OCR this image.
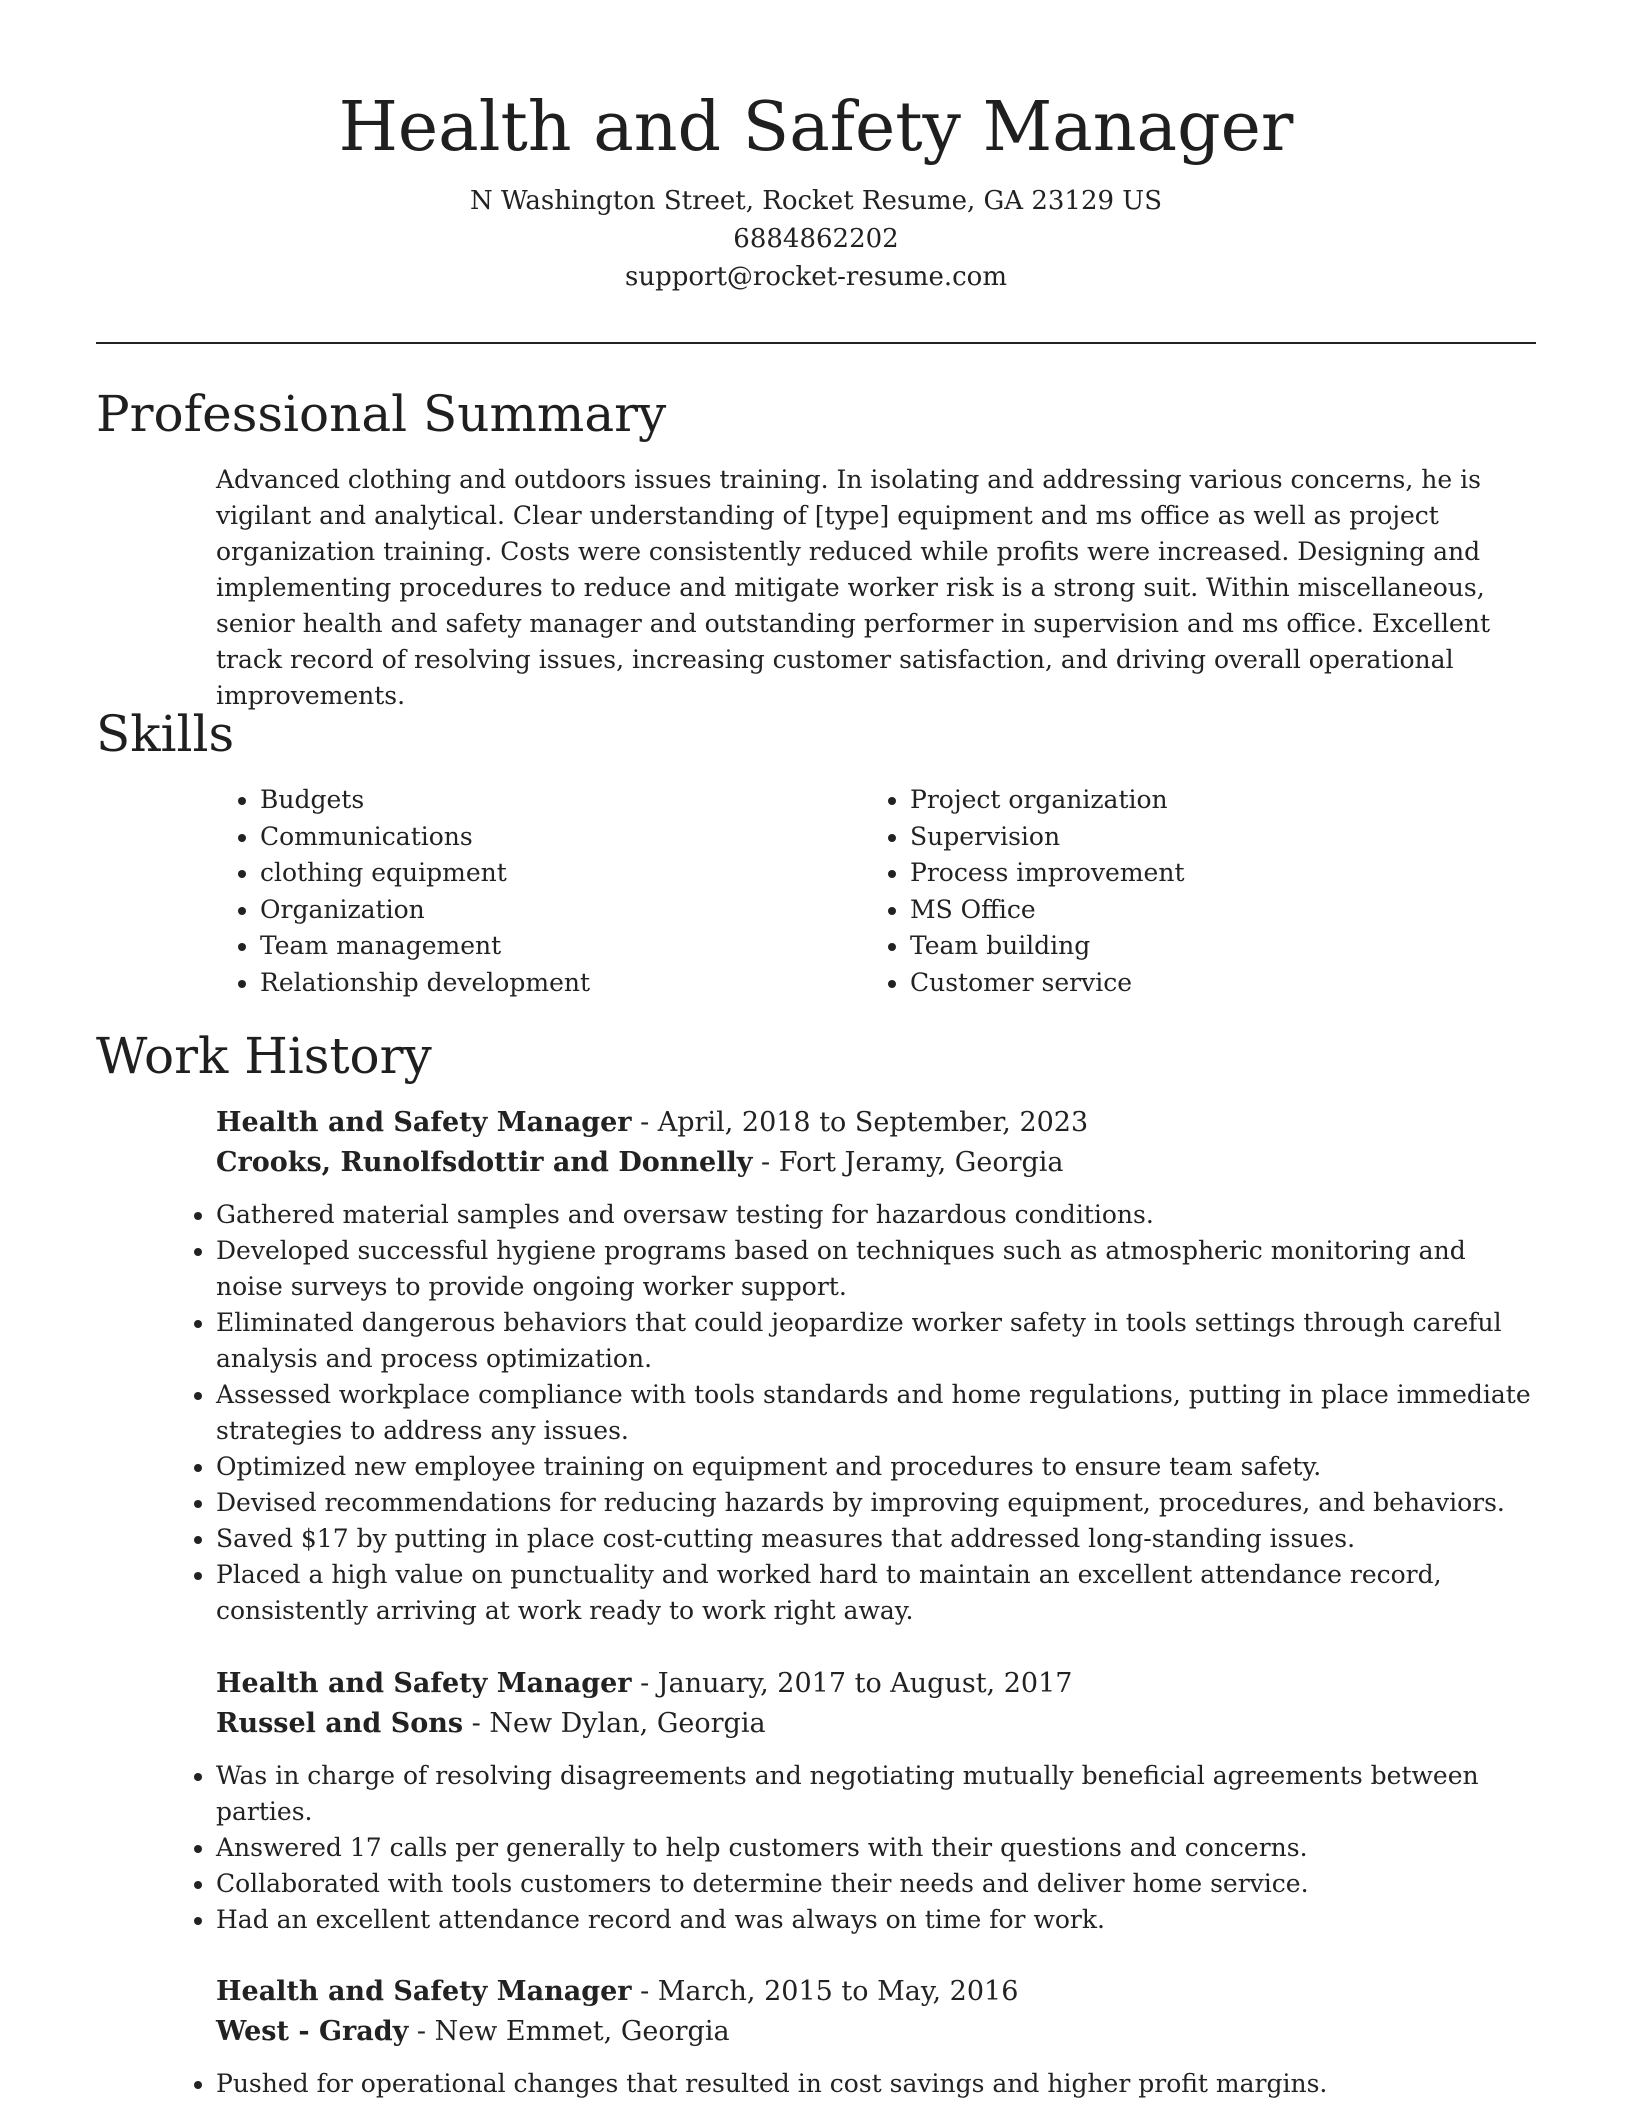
Health and Safety Manager

N Washington Street, Rocket Resume, GA 23129 US

6884862202

support@rocket-resume.com

Professional Summary

Advanced clothing and outdoors issues training. In isolating and addressing various concerns, he is vigilant and analytical. Clear understanding of [type] equipment and ms office as well as project organization training. Costs were consistently reduced while profits were increased. Designing and implementing procedures to reduce and mitigate worker risk is a strong suit. Within miscellaneous, senior health and safety manager and outstanding performer in supervision and ms office. Excellent track record of resolving issues, increasing customer satisfaction, and driving overall operational improvements.

Skills
• Budgets
• Communications
• clothing equipment
• Organization
• Team management
• Relationship development
• Project organization
• Supervision
• Process improvement
• MS Office
• Team building
• Customer service
Work History

Health and Safety Manager - April, 2018 to September, 2023

Crooks, Runolfsdottir and Donnelly - Fort Jeramy, Georgia

• Gathered material samples and oversaw testing for hazardous conditions.
• Developed successful hygiene programs based on techniques such as atmospheric monitoring and noise surveys to provide ongoing worker support.
• Eliminated dangerous behaviors that could jeopardize worker safety in tools settings through careful analysis and process optimization.
• Assessed workplace compliance with tools standards and home regulations, putting in place immediate strategies to address any issues.
• Optimized new employee training on equipment and procedures to ensure team safety.
• Devised recommendations for reducing hazards by improving equipment, procedures, and behaviors.
• Saved $17 by putting in place cost-cutting measures that addressed long-standing issues.
• Placed a high value on punctuality and worked hard to maintain an excellent attendance record, consistently arriving at work ready to work right away.

Health and Safety Manager - January, 2017 to August, 2017

Russel and Sons - New Dylan, Georgia

• Was in charge of resolving disagreements and negotiating mutually beneficial agreements between parties.
• Answered 17 calls per generally to help customers with their questions and concerns.
• Collaborated with tools customers to determine their needs and deliver home service.
• Had an excellent attendance record and was always on time for work.

Health and Safety Manager - March, 2015 to May, 2016

West - Grady - New Emmet, Georgia

• Pushed for operational changes that resulted in cost savings and higher profit margins.
